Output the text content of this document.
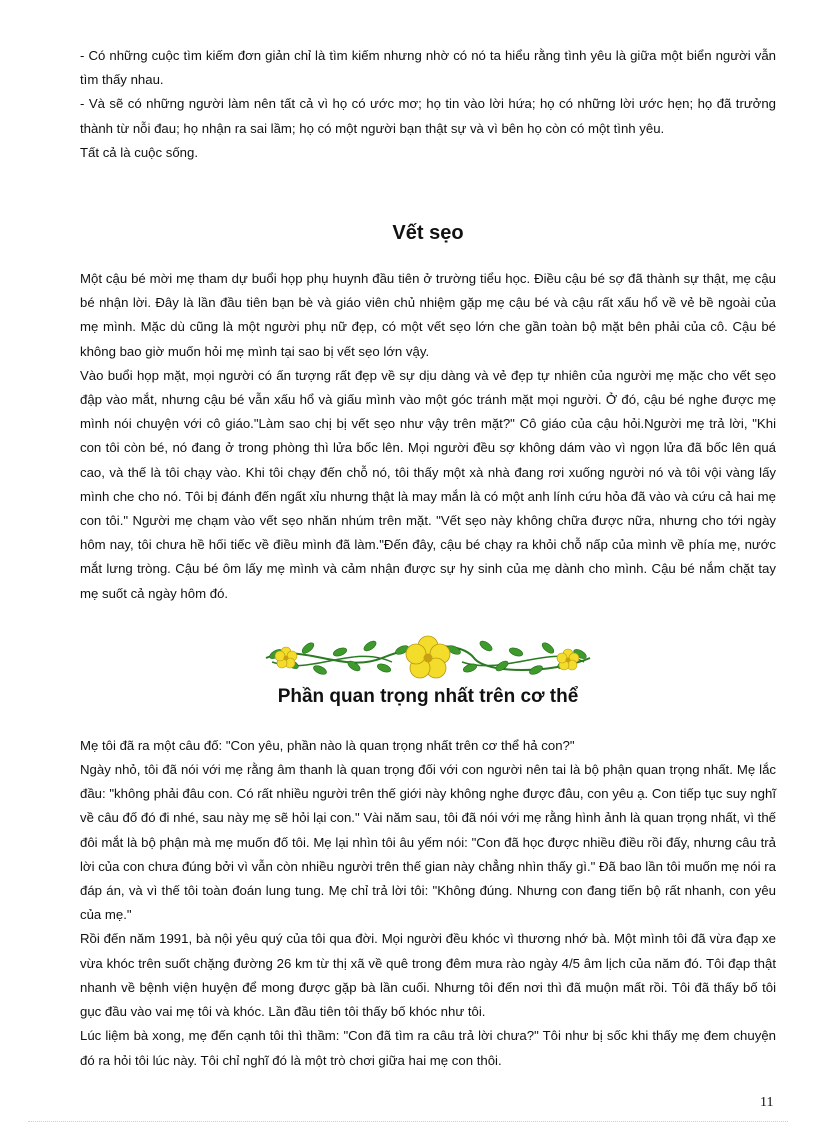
- Có những cuộc tìm kiếm đơn giản chỉ là tìm kiếm nhưng nhờ có nó ta hiểu rằng tình yêu là giữa một biển người vẫn tìm thấy nhau.

- Và sẽ có những người làm nên tất cả vì họ có ước mơ; họ tin vào lời hứa; họ có những lời ước hẹn; họ đã trưởng thành từ nỗi đau; họ nhận ra sai lầm; họ có một người bạn thật sự và vì bên họ còn có một tình yêu.

Tất cả là cuộc sống.

Vết sẹo

Một cậu bé mời mẹ tham dự buổi họp phụ huynh đầu tiên ở trường tiểu học. Điều cậu bé sợ đã thành sự thật, mẹ cậu bé nhận lời. Đây là lần đầu tiên bạn bè và giáo viên chủ nhiệm gặp mẹ cậu bé và cậu rất xấu hổ về vẻ bề ngoài của mẹ mình. Mặc dù cũng là một người phụ nữ đẹp, có một vết sẹo lớn che gần toàn bộ mặt bên phải của cô. Cậu bé không bao giờ muốn hỏi mẹ mình tại sao bị vết sẹo lớn vậy.

Vào buổi họp mặt, mọi người có ấn tượng rất đẹp về sự dịu dàng và vẻ đẹp tự nhiên của người mẹ mặc cho vết sẹo đập vào mắt, nhưng cậu bé vẫn xấu hổ và giấu mình vào một góc tránh mặt mọi người. Ở đó, cậu bé nghe được mẹ mình nói chuyện với cô giáo."Làm sao chị bị vết sẹo như vậy trên mặt?" Cô giáo của cậu hỏi.Người mẹ trả lời, "Khi con tôi còn bé, nó đang ở trong phòng thì lửa bốc lên. Mọi người đều sợ không dám vào vì ngọn lửa đã bốc lên quá cao, và thế là tôi chạy vào. Khi tôi chạy đến chỗ nó, tôi thấy một xà nhà đang rơi xuống người nó và tôi vội vàng lấy mình che cho nó. Tôi bị đánh đến ngất xỉu nhưng thật là may mắn là có một anh lính cứu hỏa đã vào và cứu cả hai mẹ con tôi." Người mẹ chạm vào vết sẹo nhăn nhúm trên mặt. "Vết sẹo này không chữa được nữa, nhưng cho tới ngày hôm nay, tôi chưa hề hối tiếc về điều mình đã làm."Đến đây, cậu bé chạy ra khỏi chỗ nấp của mình về phía mẹ, nước mắt lưng tròng. Cậu bé ôm lấy mẹ mình và cảm nhận được sự hy sinh của mẹ dành cho mình. Cậu bé nắm chặt tay mẹ suốt cả ngày hôm đó.

Phần quan trọng nhất trên cơ thể

Mẹ tôi đã ra một câu đố: "Con yêu, phần nào là quan trọng nhất trên cơ thể hả con?"

Ngày nhỏ, tôi đã nói với mẹ rằng âm thanh là quan trọng đối với con người nên tai là bộ phận quan trọng nhất. Mẹ lắc đầu: "không phải đâu con. Có rất nhiều người trên thế giới này không nghe được đâu, con yêu ạ. Con tiếp tục suy nghĩ về câu đố đó đi nhé, sau này mẹ sẽ hỏi lại con." Vài năm sau, tôi đã nói với mẹ rằng hình ảnh là quan trọng nhất, vì thế đôi mắt là bộ phận mà mẹ muốn đố tôi. Mẹ lại nhìn tôi âu yếm nói: "Con đã học được nhiều điều rồi đấy, nhưng câu trả lời của con chưa đúng bởi vì vẫn còn nhiều người trên thế gian này chẳng nhìn thấy gì." Đã bao lần tôi muốn mẹ nói ra đáp án, và vì thế tôi toàn đoán lung tung. Mẹ chỉ trả lời tôi: "Không đúng. Nhưng con đang tiến bộ rất nhanh, con yêu của mẹ."

Rồi đến năm 1991, bà nội yêu quý của tôi qua đời. Mọi người đều khóc vì thương nhớ bà. Một mình tôi đã vừa đạp xe vừa khóc trên suốt chặng đường 26 km từ thị xã về quê trong đêm mưa rào ngày 4/5 âm lịch của năm đó. Tôi đạp thật nhanh về bệnh viện huyện để mong được gặp bà lần cuối. Nhưng tôi đến nơi thì đã muộn mất rồi. Tôi đã thấy bố tôi gục đầu vào vai mẹ tôi và khóc. Lần đầu tiên tôi thấy bố khóc như tôi.

Lúc liệm bà xong, mẹ đến cạnh tôi thì thầm: "Con đã tìm ra câu trả lời chưa?" Tôi như bị sốc khi thấy mẹ đem chuyện đó ra hỏi tôi lúc này. Tôi chỉ nghĩ đó là một trò chơi giữa hai mẹ con thôi.

11
